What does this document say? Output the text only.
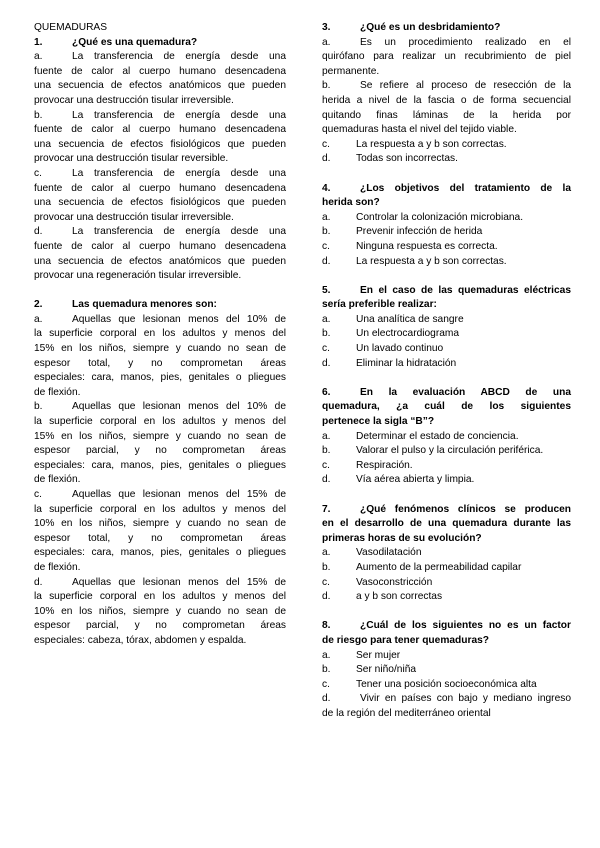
QUEMADURAS
1.	¿Qué es una quemadura?
a.	La transferencia de energía desde una
fuente de calor al cuerpo humano desencadena
una secuencia de efectos anatómicos que pueden
provocar una destrucción tisular irreversible.
b.	La transferencia de energía desde una
fuente de calor al cuerpo humano desencadena
una secuencia de efectos fisiológicos que pueden
provocar una destrucción tisular reversible.
c.	La transferencia de energía desde una
fuente de calor al cuerpo humano desencadena
una secuencia de efectos fisiológicos que pueden
provocar una destrucción tisular irreversible.
d.	La transferencia de energía desde una
fuente de calor al cuerpo humano desencadena
una secuencia de efectos anatómicos que pueden
provocar una regeneración tisular irreversible.
2.	Las quemadura menores son:
a.	Aquellas que lesionan menos del 10% de
la superficie corporal en los adultos y menos del
15% en los niños, siempre y cuando no sean de
espesor total, y no comprometan áreas
especiales: cara, manos, pies, genitales o pliegues
de flexión.
b.	Aquellas que lesionan menos del 10% de
la superficie corporal en los adultos y menos del
15% en los niños, siempre y cuando no sean de
espesor parcial, y no comprometan áreas
especiales: cara, manos, pies, genitales o pliegues
de flexión.
c.	Aquellas que lesionan menos del 15% de
la superficie corporal en los adultos y menos del
10% en los niños, siempre y cuando no sean de
espesor total, y no comprometan áreas
especiales: cara, manos, pies, genitales o pliegues
de flexión.
d.	Aquellas que lesionan menos del 15% de
la superficie corporal en los adultos y menos del
10% en los niños, siempre y cuando no sean de
espesor parcial, y no comprometan áreas
especiales: cabeza, tórax, abdomen y espalda.
3.	¿Qué es un desbridamiento?
a.	Es un procedimiento realizado en el
quirófano para realizar un recubrimiento de piel
permanente.
b.	Se refiere al proceso de resección de la
herida a nivel de la fascia o de forma secuencial
quitando finas láminas de la herida por
quemaduras hasta el nivel del tejido viable.
c.	La respuesta a y b son correctas.
d.	Todas son incorrectas.
4.	¿Los objetivos del tratamiento de la
herida son?
a.	Controlar la colonización microbiana.
b.	Prevenir infección de herida
c.	Ninguna respuesta es correcta.
d.	La respuesta a y b son correctas.
5.	En el caso de las quemaduras eléctricas
sería preferible realizar:
a.	Una analítica de sangre
b.	Un electrocardiograma
c.	Un lavado continuo
d.	Eliminar la hidratación
6.	En la evaluación ABCD de una
quemadura, ¿a cuál de los siguientes
pertenece la sigla “B”?
a.	Determinar el estado de conciencia.
b.	Valorar el pulso y la circulación periférica.
c.	Respiración.
d.	Vía aérea abierta y limpia.
7.	¿Qué fenómenos clínicos se producen
en el desarrollo de una quemadura durante las
primeras horas de su evolución?
a.	Vasodilatación
b.	Aumento de la permeabilidad capilar
c.	Vasoconstricción
d.	a y b son correctas
8.	¿Cuál de los siguientes no es un factor
de riesgo para tener quemaduras?
a.	Ser mujer
b.	Ser niño/niña
c.	Tener una posición socioeconómica alta
d.	Vivir en países con bajo y mediano ingreso
de la región del mediterráneo oriental
